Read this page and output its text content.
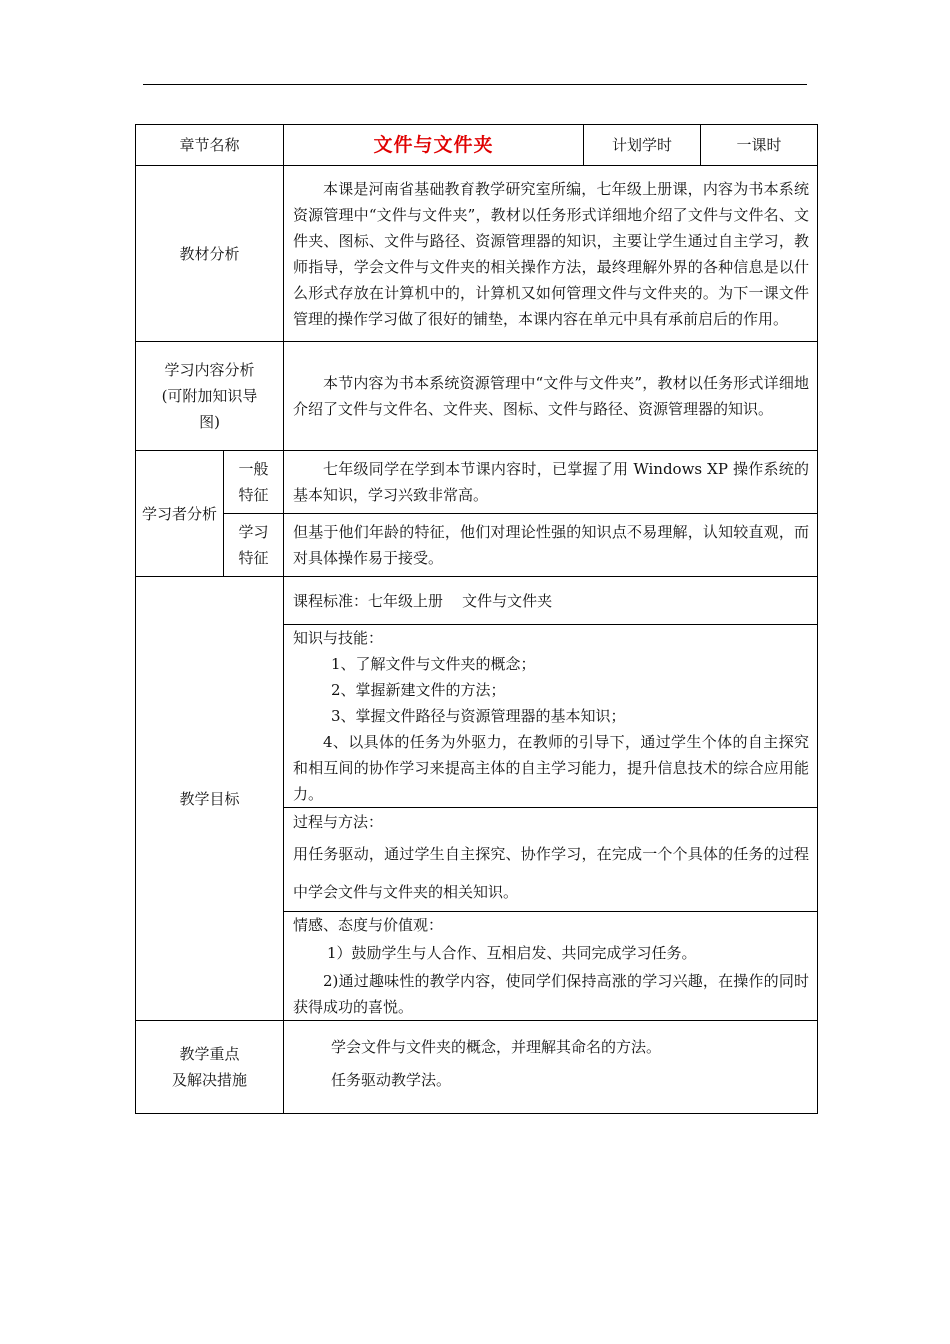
章节名称		文件与文件夹	计划学时	一课时
教材分析		本课是河南省基础教育教学研究室所编，七年级上册课，内容为书本系统资源管理中“文件与文件夹”，教材以任务形式详细地介绍了文件与文件名、文件夹、图标、文件与路径、资源管理器的知识，主要让学生通过自主学习，教师指导，学会文件与文件夹的相关操作方法，最终理解外界的各种信息是以什么形式存放在计算机中的，计算机又如何管理文件与文件夹的。为下一课文件管理的操作学习做了很好的铺垫，本课内容在单元中具有承前启后的作用。		

学习内容分析
(可附加知识导图)		本节内容为书本系统资源管理中“文件与文件夹”，教材以任务形式详细地介绍了文件与文件名、文件夹、图标、文件与路径、资源管理器的知识。		

学习者分析	一般特征	七年级同学在学到本节课内容时，已掌握了用 Windows XP 操作系统的基本知识，学习兴致非常高。		

	学习特征	但基于他们年龄的特征，他们对理论性强的知识点不易理解，认知较直观，而对具体操作易于接受。		

教学目标		课程标准：七年级上册    文件与文件夹		

		知识与技能：
1、了解文件与文件夹的概念；
2、掌握新建文件的方法；
3、掌握文件路径与资源管理器的基本知识；
4、以具体的任务为外驱力，在教师的引导下，通过学生个体的自主探究和相互间的协作学习来提高主体的自主学习能力，提升信息技术的综合应用能力。		

		过程与方法：
用任务驱动，通过学生自主探究、协作学习，在完成一个个具体的任务的过程中学会文件与文件夹的相关知识。		

		情感、态度与价值观：
1）鼓励学生与人合作、互相启发、共同完成学习任务。
2)通过趣味性的教学内容，使同学们保持高涨的学习兴趣，在操作的同时获得成功的喜悦。		

教学重点
及解决措施		学会文件与文件夹的概念，并理解其命名的方法。
任务驱动教学法。		
